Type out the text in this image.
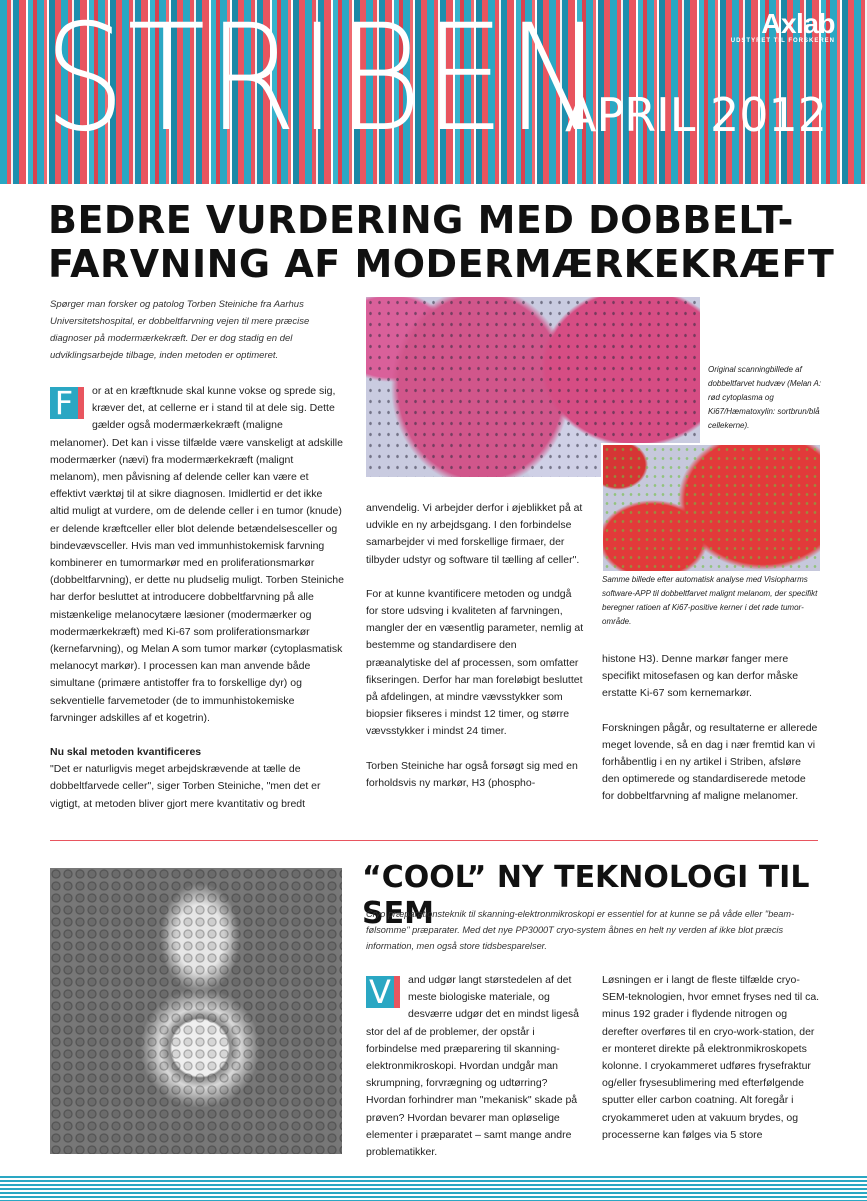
STRIBEN
APRIL 2012
Axlab
UDSTYRET TIL FORSKEREN
BEDRE VURDERING MED DOBBELT-FARVNING AF MODERMÆRKEKRÆFT
Spørger man forsker og patolog Torben Steiniche fra Aarhus Universitetshospital, er dobbeltfarvning vejen til mere præcise diagnoser på modermærkekræft. Der er dog stadig en del udviklingsarbejde tilbage, inden metoden er optimeret.

F	or at en kræftknude skal kunne vokse og sprede sig, kræver det, at cellerne er i stand til at dele sig. Dette gælder også modermærkekræft (maligne melanomer). Det kan i visse tilfælde være vanskeligt at adskille modermærker (nævi) fra modermærkekræft (malignt melanom), men påvisning af delende celler kan være et effektivt værktøj til at sikre diagnosen. Imidlertid er det ikke altid muligt at vurdere, om de delende celler i en tumor (knude) er delende kræftceller eller blot delende betændelsesceller og bindevævsceller. Hvis man ved immunhistokemisk farvning kombinerer en tumormarkør med en proliferationsmarkør (dobbeltfarvning), er dette nu pludselig muligt. Torben Steiniche har derfor besluttet at introducere dobbeltfarvning på alle mistænkelige melanocytære læsioner (modermærker og modermærkekræft) med Ki-67 som proliferationsmarkør (kernefarvning), og Melan A som tumor markør (cytoplasmatisk melanocyt markør). I processen kan man anvende både simultane (primære antistoffer fra to forskellige dyr) og sekventielle farvemetoder (de to immunhistokemiske farvninger adskilles af et kogetrin).

Nu skal metoden kvantificeres

"Det er naturligvis meget arbejdskrævende at tælle de dobbeltfarvede celler", siger Torben Steiniche, "men det er vigtigt, at metoden bliver gjort mere kvantitativ og bredt

Original scanningbillede af dobbeltfarvet hudvæv (Melan A: rød cytoplasma og Ki67/Hæmatoxylin: sortbrun/blå cellekerne).
Samme billede efter automatisk analyse med Visiopharms software-APP til dobbeltfarvet malignt melanom, der specifikt beregner ratioen af Ki67-positive kerner i det røde tumor-område.

anvendelig. Vi arbejder derfor i øjeblikket på at udvikle en ny arbejdsgang. I den forbindelse samarbejder vi med forskellige firmaer, der tilbyder udstyr og software til tælling af celler".

For at kunne kvantificere metoden og undgå for store udsving i kvaliteten af farvningen, mangler der en væsentlig parameter, nemlig at bestemme og standardisere den præanalytiske del af processen, som omfatter fikseringen. Derfor har man foreløbigt besluttet på afdelingen, at mindre vævsstykker som biopsier fikseres i mindst 12 timer, og større vævsstykker i mindst 24 timer.

Torben Steiniche har også forsøgt sig med en forholdsvis ny markør, H3 (phospho-

histone H3). Denne markør fanger mere specifikt mitosefasen og kan derfor måske erstatte Ki-67 som kernemarkør.

Forskningen pågår, og resultaterne er allerede meget lovende, så en dag i nær fremtid kan vi forhåbentlig i en ny artikel i Striben, afsløre den optimerede og standardiserede metode for dobbeltfarvning af maligne melanomer.

“COOL” NY TEKNOLOGI TIL SEM
Cryo præparationsteknik til skanning-elektronmikroskopi er essentiel for at kunne se på våde eller "beam-følsomme" præparater. Med det nye PP3000T cryo-system åbnes en helt ny verden af ikke blot præcis information, men også store tidsbesparelser.

V	and udgør langt størstedelen af det meste biologiske materiale, og desværre udgør det en mindst ligeså stor del af de problemer, der opstår i forbindelse med præparering til skanning-elektronmikroskopi. Hvordan undgår man skrumpning, forvrægning og udtørring? Hvordan forhindrer man "mekanisk" skade på prøven? Hvordan bevarer man opløselige elementer i præparatet – samt mange andre problematikker.

Løsningen er i langt de fleste tilfælde cryo-SEM-teknologien, hvor emnet fryses ned til ca. minus 192 grader i flydende nitrogen og derefter overføres til en cryo-work-station, der er monteret direkte på elektronmikroskopets kolonne. I cryokammeret udføres frysefraktur og/eller frysesublimering med efterfølgende sputter eller carbon coatning. Alt foregår i cryokammeret uden at vakuum brydes, og processerne kan følges via 5 store
